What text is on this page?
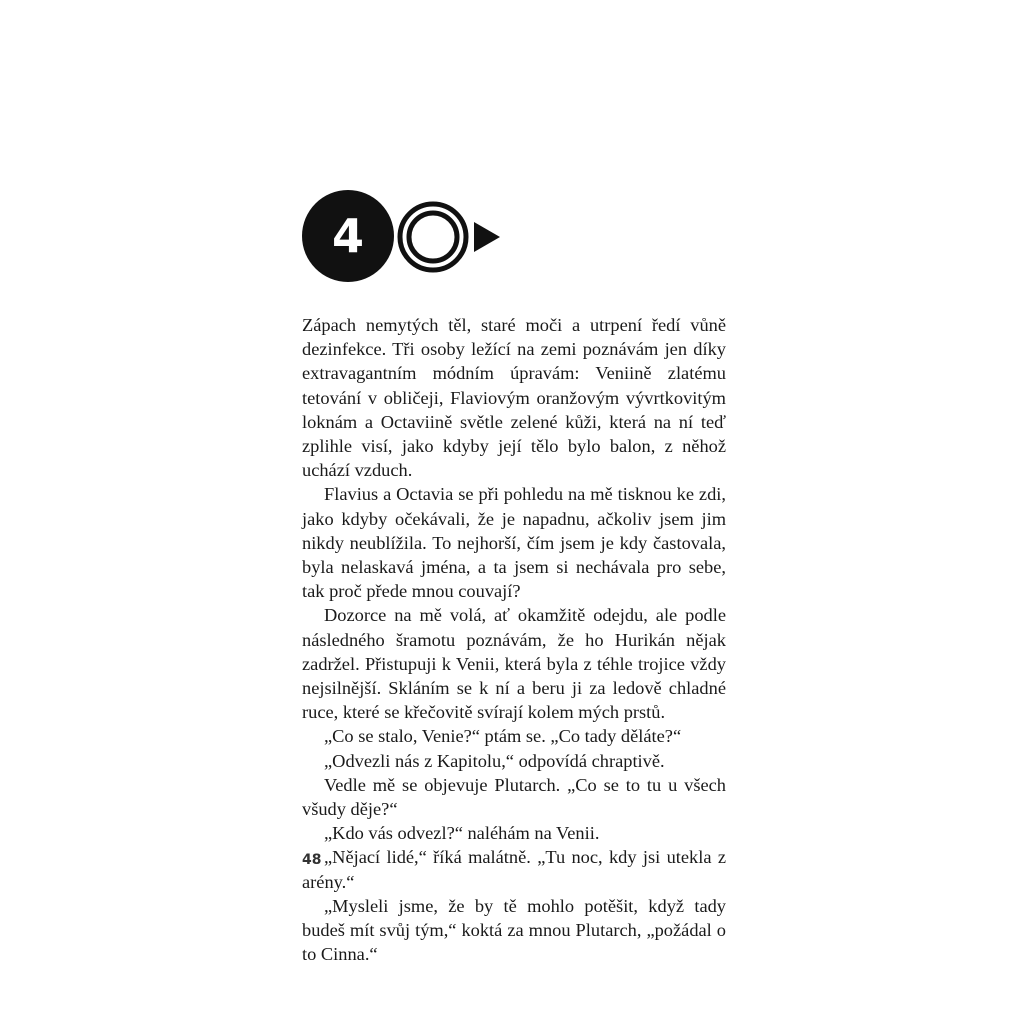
4

Zápach nemytých těl, staré moči a utrpení ředí vůně dezinfekce. Tři osoby ležící na zemi poznávám jen díky extravagantním módním úpravám: Veniině zlatému tetování v obličeji, Flaviovým oranžovým vývrtkovitým loknám a Octaviině světle zelené kůži, která na ní teď zplihle visí, jako kdyby její tělo bylo balon, z něhož uchází vzduch.

Flavius a Octavia se při pohledu na mě tisknou ke zdi, jako kdyby očekávali, že je napadnu, ačkoliv jsem jim nikdy neublížila. To nejhorší, čím jsem je kdy častovala, byla nelaskavá jména, a ta jsem si nechávala pro sebe, tak proč přede mnou couvají?

Dozorce na mě volá, ať okamžitě odejdu, ale podle následného šramotu poznávám, že ho Hurikán nějak zadržel. Přistupuji k Venii, která byla z téhle trojice vždy nejsilnější. Skláním se k ní a beru ji za ledově chladné ruce, které se křečovitě svírají kolem mých prstů.

„Co se stalo, Venie?“ ptám se. „Co tady děláte?“

„Odvezli nás z Kapitolu,“ odpovídá chraptivě.

Vedle mě se objevuje Plutarch. „Co se to tu u všech všudy děje?“

„Kdo vás odvezl?“ naléhám na Venii.

„Nějací lidé,“ říká malátně. „Tu noc, kdy jsi utekla z arény.“

„Mysleli jsme, že by tě mohlo potěšit, když tady budeš mít svůj tým,“ koktá za mnou Plutarch, „požádal o to Cinna.“

48
